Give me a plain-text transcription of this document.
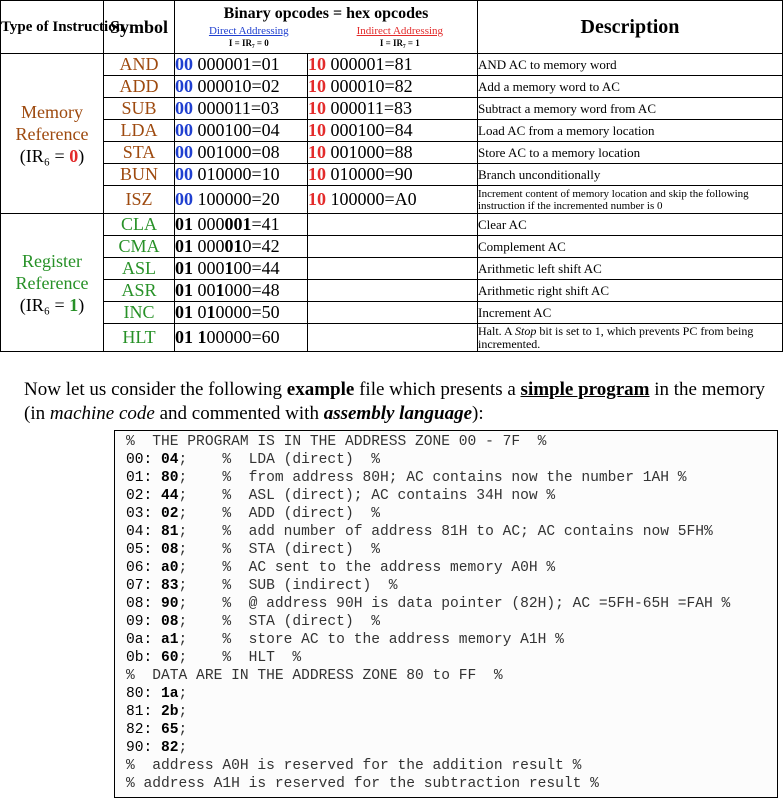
Type of Instruction	Symbol	Binary opcodes = hex opcodes
Direct Addressing
I = IR₇ = 0
Indirect Addressing
I = IR₇ = 1		Description
Memory
Reference
(IR₆ = 0)	AND	00 000001=01	10 000001=81	AND AC to memory word
	ADD	00 000010=02	10 000010=82	Add a memory word to AC
	SUB	00 000011=03	10 000011=83	Subtract a memory word from AC
	LDA	00 000100=04	10 000100=84	Load AC from a memory location
	STA	00 001000=08	10 001000=88	Store AC to a memory location
	BUN	00 010000=10	10 010000=90	Branch unconditionally
	ISZ	00 100000=20	10 100000=A0	Increment content of memory location and skip the following instruction if the incremented number is 0
Register
Reference
(IR₆ = 1)	CLA	01 000001=41		Clear AC
	CMA	01 000010=42		Complement AC
	ASL	01 000100=44		Arithmetic left shift AC
	ASR	01 001000=48		Arithmetic right shift AC
	INC	01 010000=50		Increment AC
	HLT	01 100000=60		Halt. A Stop bit is set to 1, which prevents PC from being incremented.

Now let us consider the following example file which presents a simple program in the memory (in machine code and commented with assembly language):

%  THE PROGRAM IS IN THE ADDRESS ZONE 00 - 7F  %
00: 04;    %  LDA (direct)  %
01: 80;    %  from address 80H; AC contains now the number 1AH %
02: 44;    %  ASL (direct); AC contains 34H now %
03: 02;    %  ADD (direct)  %
04: 81;    %  add number of address 81H to AC; AC contains now 5FH%
05: 08;    %  STA (direct)  %
06: a0;    %  AC sent to the address memory A0H %
07: 83;    %  SUB (indirect)  %
08: 90;    %  @ address 90H is data pointer (82H); AC =5FH-65H =FAH %
09: 08;    %  STA (direct)  %
0a: a1;    %  store AC to the address memory A1H %
0b: 60;    %  HLT  %
%  DATA ARE IN THE ADDRESS ZONE 80 to FF  %
80: 1a;
81: 2b;
82: 65;
90: 82;
%  address A0H is reserved for the addition result %
% address A1H is reserved for the subtraction result %
